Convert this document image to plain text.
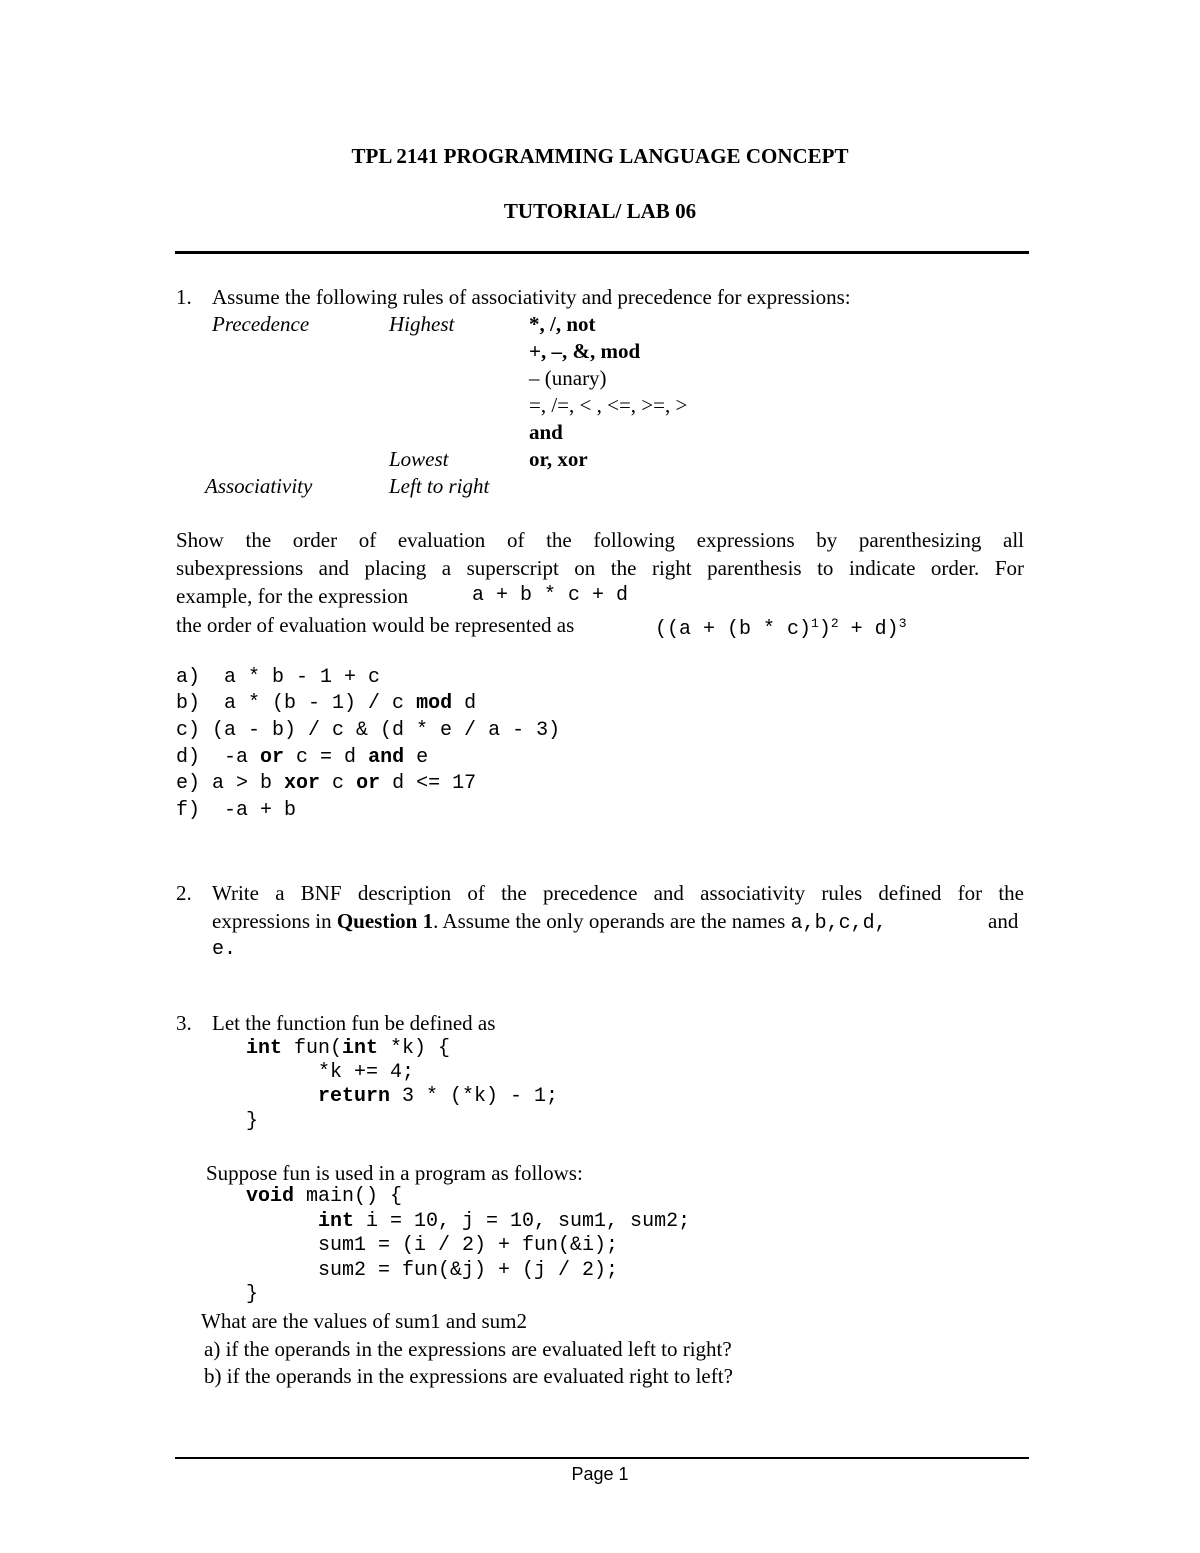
TPL 2141 PROGRAMMING LANGUAGE CONCEPT
TUTORIAL/ LAB 06
1. Assume the following rules of associativity and precedence for expressions:
Precedence	Highest	*, /, not
+, –, &, mod
– (unary)
=, /=, < , <=, >=, >
and
Lowest	or, xor
Associativity	Left to right
Show the order of evaluation of the following expressions by parenthesizing all
subexpressions and placing a superscript on the right parenthesis to indicate order. For
example, for the expression	a + b * c + d
the order of evaluation would be represented as	$((a + (b * c)^1)^2 + d)^3$
a)  a * b - 1 + c
b)  a * (b - 1) / c mod d
c) (a - b) / c & (d * e / a - 3)
d)  -a or c = d and e
e) a > b xor c or d <= 17
f)  -a + b
2. Write a BNF description of the precedence and associativity rules defined for the
expressions in Question 1. Assume the only operands are the names a,b,c,d,	and
e.
3. Let the function fun be defined as
int fun(int *k) {
*k += 4;
return 3 * (*k) - 1;
}
Suppose fun is used in a program as follows:
void main() {
int i = 10, j = 10, sum1, sum2;
sum1 = (i / 2) + fun(&i);
sum2 = fun(&j) + (j / 2);
}
What are the values of sum1 and sum2
a) if the operands in the expressions are evaluated left to right?
b) if the operands in the expressions are evaluated right to left?
Page 1
